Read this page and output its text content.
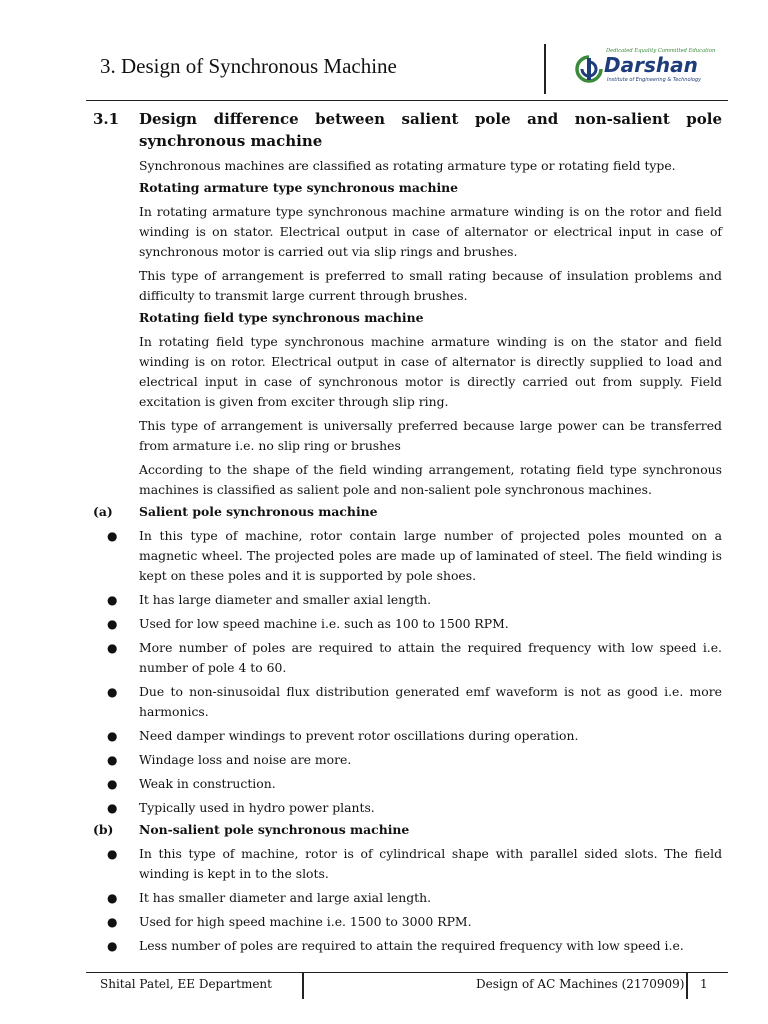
3. Design of Synchronous Machine
Dedicated Equality Committed Education
Darshan
Institute of Engineering & Technology
3.1	Design difference between salient pole and non-salient pole synchronous machine
Synchronous machines are classified as rotating armature type or rotating field type.
Rotating armature type synchronous machine
In rotating armature type synchronous machine armature winding is on the rotor and field winding is on stator. Electrical output in case of alternator or electrical input in case of synchronous motor is carried out via slip rings and brushes.
This type of arrangement is preferred to small rating because of insulation problems and difficulty to transmit large current through brushes.
Rotating field type synchronous machine
In rotating field type synchronous machine armature winding is on the stator and field winding is on rotor. Electrical output in case of alternator is directly supplied to load and electrical input in case of synchronous motor is directly carried out from supply. Field excitation is given from exciter through slip ring.
This type of arrangement is universally preferred because large power can be transferred from armature i.e. no slip ring or brushes
According to the shape of the field winding arrangement, rotating field type synchronous machines is classified as salient pole and non-salient pole synchronous machines.
(a)	Salient pole synchronous machine
●	In this type of machine, rotor contain large number of projected poles mounted on a magnetic wheel. The projected poles are made up of laminated of steel. The field winding is kept on these poles and it is supported by pole shoes.
●	It has large diameter and smaller axial length.
●	Used for low speed machine i.e. such as 100 to 1500 RPM.
●	More number of poles are required to attain the required frequency with low speed i.e. number of pole 4 to 60.
●	Due to non-sinusoidal flux distribution generated emf waveform is not as good i.e. more harmonics.
●	Need damper windings to prevent rotor oscillations during operation.
●	Windage loss and noise are more.
●	Weak in construction.
●	Typically used in hydro power plants.
(b)	Non-salient pole synchronous machine
●	In this type of machine, rotor is of cylindrical shape with parallel sided slots. The field winding is kept in to the slots.
●	It has smaller diameter and large axial length.
●	Used for high speed machine i.e. 1500 to 3000 RPM.
●	Less number of poles are required to attain the required frequency with low speed i.e.
Shital Patel, EE Department	Design of AC Machines (2170909) 1
